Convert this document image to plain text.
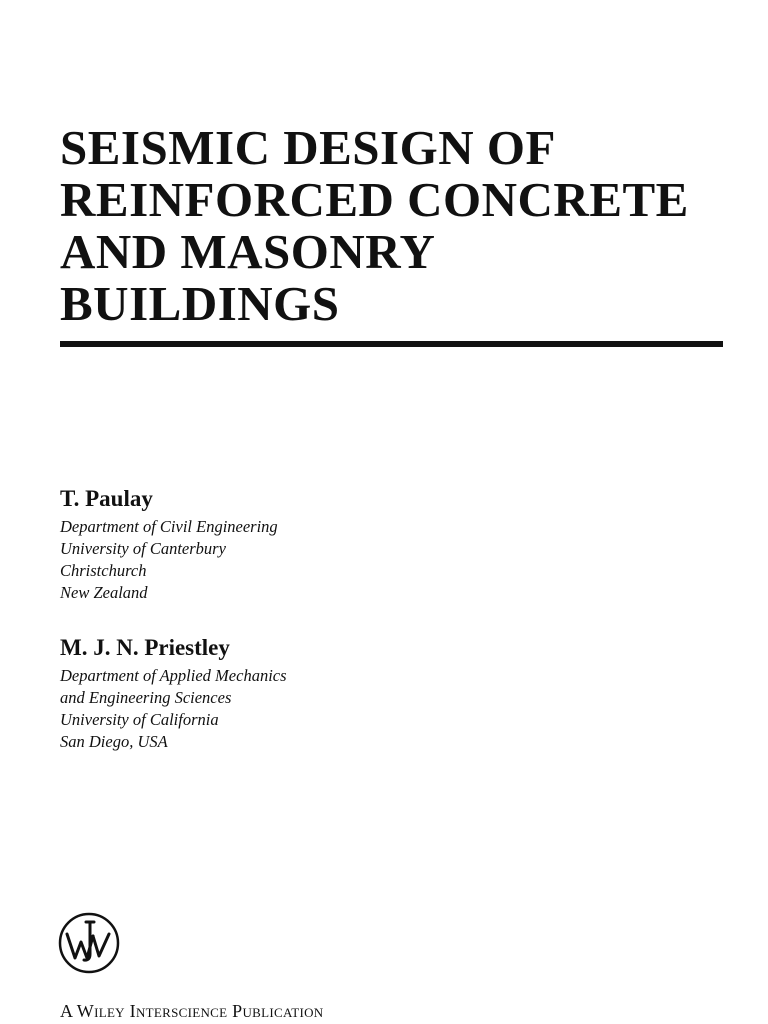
SEISMIC DESIGN OF
REINFORCED CONCRETE
AND MASONRY
BUILDINGS
T. Paulay
Department of Civil Engineering
University of Canterbury
Christchurch
New Zealand
M. J. N. Priestley
Department of Applied Mechanics
and Engineering Sciences
University of California
San Diego, USA
A Wiley Interscience Publication
